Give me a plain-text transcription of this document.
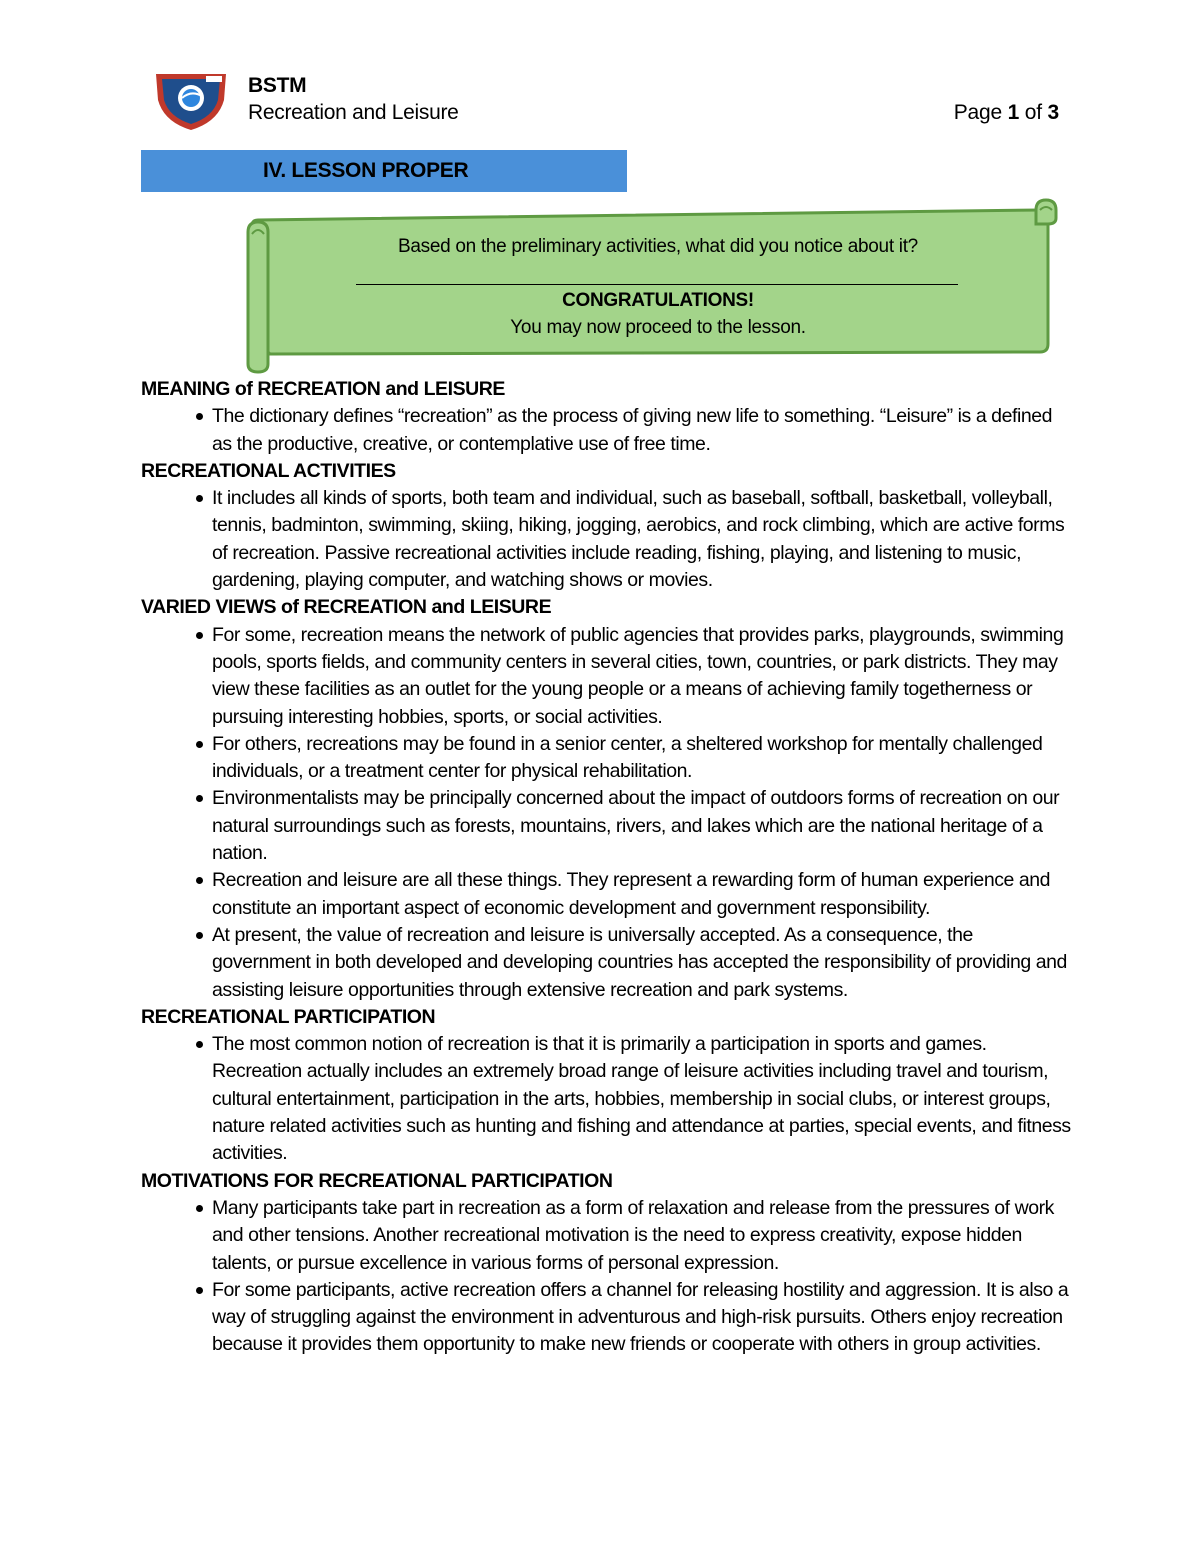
BSTM
Recreation and Leisure	Page 1 of 3
IV. LESSON PROPER
Based on the preliminary activities, what did you notice about it?
CONGRATULATIONS!
You may now proceed to the lesson.

MEANING of RECREATION and LEISURE

The dictionary defines “recreation” as the process of giving new life to something. “Leisure” is a defined as the productive, creative, or contemplative use of free time.

RECREATIONAL ACTIVITIES

It includes all kinds of sports, both team and individual, such as baseball, softball, basketball, volleyball, tennis, badminton, swimming, skiing, hiking, jogging, aerobics, and rock climbing, which are active forms of recreation. Passive recreational activities include reading, fishing, playing, and listening to music, gardening, playing computer, and watching shows or movies.

VARIED VIEWS of RECREATION and LEISURE

For some, recreation means the network of public agencies that provides parks, playgrounds, swimming pools, sports fields, and community centers in several cities, town, countries, or park districts. They may view these facilities as an outlet for the young people or a means of achieving family togetherness or pursuing interesting hobbies, sports, or social activities.
For others, recreations may be found in a senior center, a sheltered workshop for mentally challenged individuals, or a treatment center for physical rehabilitation.
Environmentalists may be principally concerned about the impact of outdoors forms of recreation on our natural surroundings such as forests, mountains, rivers, and lakes which are the national heritage of a nation.
Recreation and leisure are all these things. They represent a rewarding form of human experience and constitute an important aspect of economic development and government responsibility.
At present, the value of recreation and leisure is universally accepted. As a consequence, the government in both developed and developing countries has accepted the responsibility of providing and assisting leisure opportunities through extensive recreation and park systems.

RECREATIONAL PARTICIPATION

The most common notion of recreation is that it is primarily a participation in sports and games. Recreation actually includes an extremely broad range of leisure activities including travel and tourism, cultural entertainment, participation in the arts, hobbies, membership in social clubs, or interest groups, nature related activities such as hunting and fishing and attendance at parties, special events, and fitness activities.

MOTIVATIONS FOR RECREATIONAL PARTICIPATION

Many participants take part in recreation as a form of relaxation and release from the pressures of work and other tensions. Another recreational motivation is the need to express creativity, expose hidden talents, or pursue excellence in various forms of personal expression.
For some participants, active recreation offers a channel for releasing hostility and aggression. It is also a way of struggling against the environment in adventurous and high-risk pursuits. Others enjoy recreation because it provides them opportunity to make new friends or cooperate with others in group activities.
